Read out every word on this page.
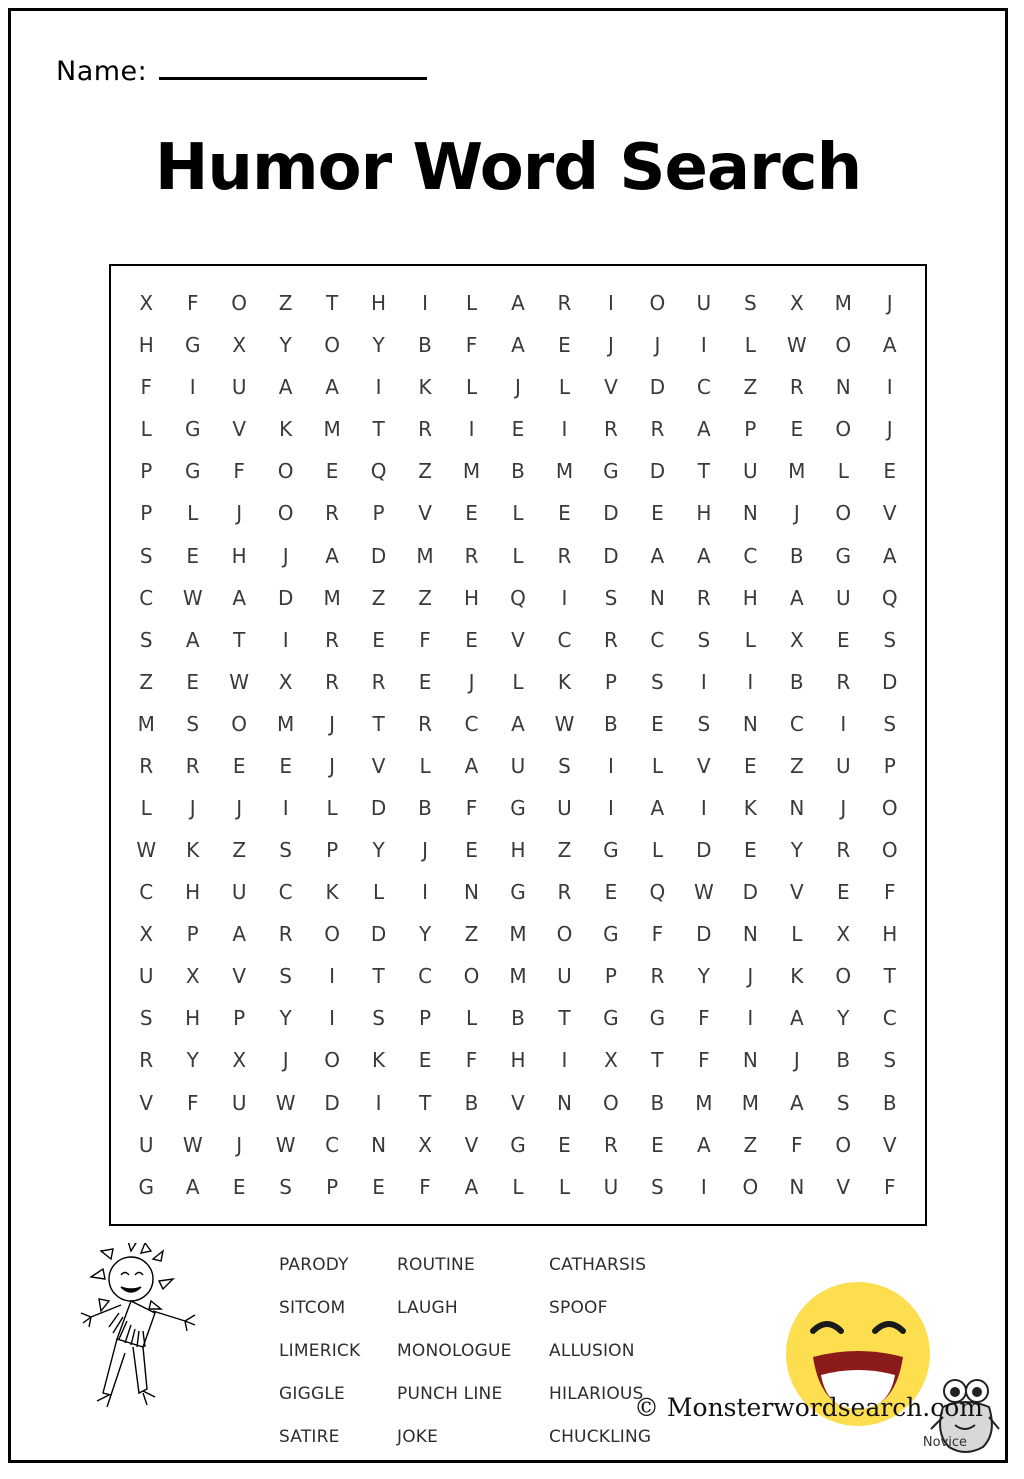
Name:
Humor Word Search
X	F	O	Z	T	H	I	L	A	R	I	O	U	S	X	M	J
H	G	X	Y	O	Y	B	F	A	E	J	J	I	L	W	O	A
F	I	U	A	A	I	K	L	J	L	V	D	C	Z	R	N	I
L	G	V	K	M	T	R	I	E	I	R	R	A	P	E	O	J
P	G	F	O	E	Q	Z	M	B	M	G	D	T	U	M	L	E
P	L	J	O	R	P	V	E	L	E	D	E	H	N	J	O	V
S	E	H	J	A	D	M	R	L	R	D	A	A	C	B	G	A
C	W	A	D	M	Z	Z	H	Q	I	S	N	R	H	A	U	Q
S	A	T	I	R	E	F	E	V	C	R	C	S	L	X	E	S
Z	E	W	X	R	R	E	J	L	K	P	S	I	I	B	R	D
M	S	O	M	J	T	R	C	A	W	B	E	S	N	C	I	S
R	R	E	E	J	V	L	A	U	S	I	L	V	E	Z	U	P
L	J	J	I	L	D	B	F	G	U	I	A	I	K	N	J	O
W	K	Z	S	P	Y	J	E	H	Z	G	L	D	E	Y	R	O
C	H	U	C	K	L	I	N	G	R	E	Q	W	D	V	E	F
X	P	A	R	O	D	Y	Z	M	O	G	F	D	N	L	X	H
U	X	V	S	I	T	C	O	M	U	P	R	Y	J	K	O	T
S	H	P	Y	I	S	P	L	B	T	G	G	F	I	A	Y	C
R	Y	X	J	O	K	E	F	H	I	X	T	F	N	J	B	S
V	F	U	W	D	I	T	B	V	N	O	B	M	M	A	S	B
U	W	J	W	C	N	X	V	G	E	R	E	A	Z	F	O	V
G	A	E	S	P	E	F	A	L	L	U	S	I	O	N	V	F
PARODY	ROUTINE	CATHARSIS
SITCOM	LAUGH	SPOOF
LIMERICK	MONOLOGUE	ALLUSION
GIGGLE	PUNCH LINE	HILARIOUS
SATIRE	JOKE	CHUCKLING
© Monsterwordsearch.com
Novice
